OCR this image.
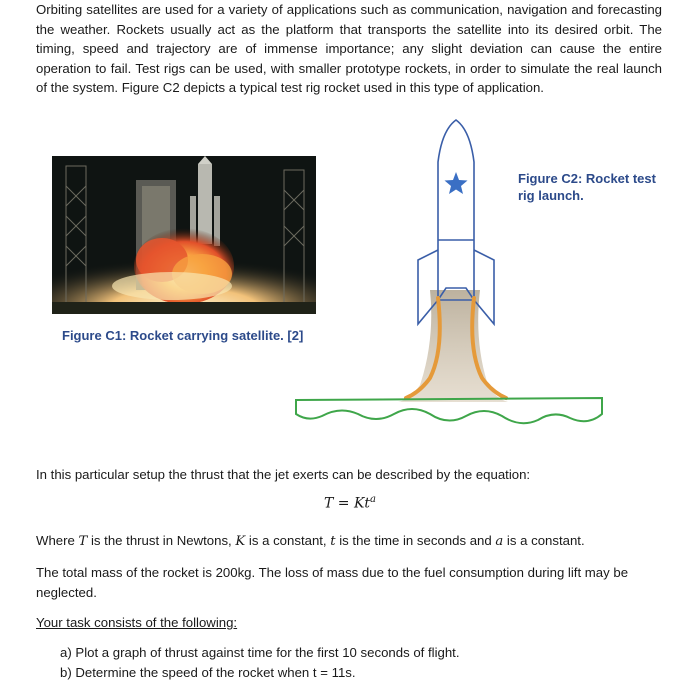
Orbiting satellites are used for a variety of applications such as communication, navigation and forecasting the weather. Rockets usually act as the platform that transports the satellite into its desired orbit. The timing, speed and trajectory are of immense importance; any slight deviation can cause the entire operation to fail. Test rigs can be used, with smaller prototype rockets, in order to simulate the real launch of the system. Figure C2 depicts a typical test rig rocket used in this type of application.

Figure C1: Rocket carrying satellite. [2]

Figure C2: Rocket test rig launch.

In this particular setup the thrust that the jet exerts can be described by the equation:

$T = Kt^a$

Where T is the thrust in Newtons, K is a constant, t is the time in seconds and a is a constant.

The total mass of the rocket is 200kg. The loss of mass due to the fuel consumption during lift may be neglected.

Your task consists of the following:

a) Plot a graph of thrust against time for the first 10 seconds of flight.
b) Determine the speed of the rocket when t = 11s.
